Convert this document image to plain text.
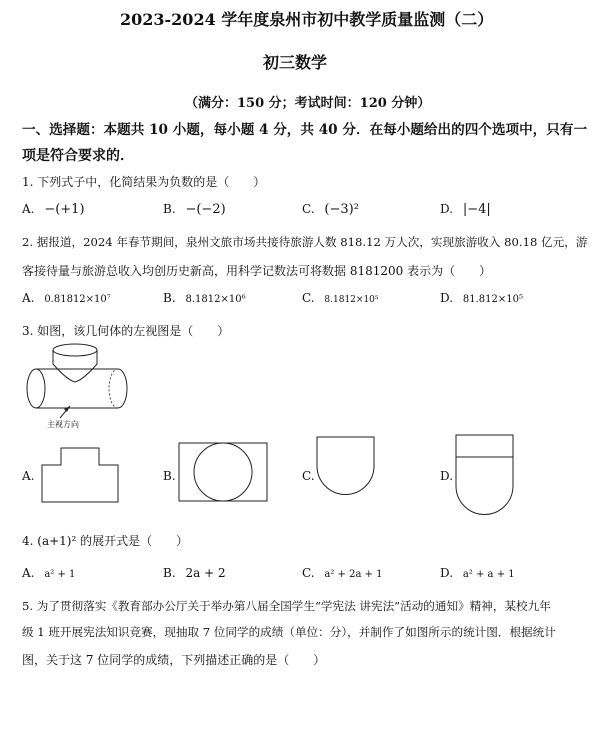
2023-2024 学年度泉州市初中教学质量监测（二）
初三数学
（满分：150 分；考试时间：120 分钟）
一、选择题：本题共 10 小题，每小题 4 分，共 40 分．在每小题给出的四个选项中，只有一
项是符合要求的．
1. 下列式子中，化简结果为负数的是（　　）
A. −(+1)	B. −(−2)	C. (−3)²	D. |−4|
2. 据报道，2024 年春节期间，泉州文旅市场共接待旅游人数 818.12 万人次，实现旅游收入 80.18 亿元，游
客接待量与旅游总收入均创历史新高，用科学记数法可将数据 8181200 表示为（　　）
A. 0.81812×10⁷	B. 8.1812×10⁶	C. 8.1812×10⁵	D. 81.812×10⁵
3. 如图，该几何体的左视图是（　　）
主视方向
A.	B.	C.	D.
4. (a+1)² 的展开式是（　　）
A. a² + 1	B. 2a + 2	C. a² + 2a + 1	D. a² + a + 1
5. 为了贯彻落实《教育部办公厅关于举办第八届全国学生“学宪法 讲宪法”活动的通知》精神，某校九年
级 1 班开展宪法知识竞赛，现抽取 7 位同学的成绩（单位：分），并制作了如图所示的统计图．根据统计
图，关于这 7 位同学的成绩，下列描述正确的是（　　）
